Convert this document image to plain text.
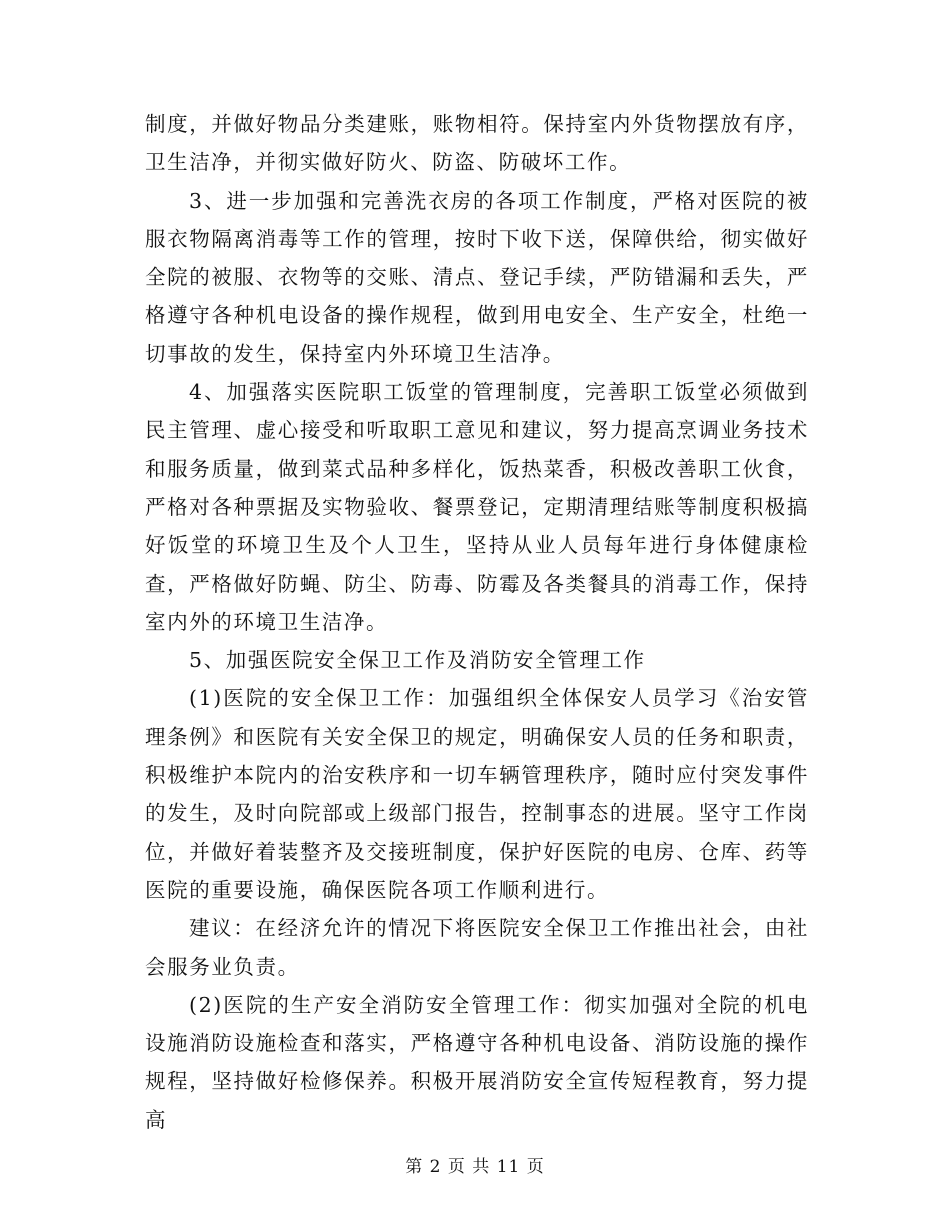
制度，并做好物品分类建账，账物相符。保持室内外货物摆放有序，卫生洁净，并彻实做好防火、防盗、防破坏工作。

3、进一步加强和完善洗衣房的各项工作制度，严格对医院的被服衣物隔离消毒等工作的管理，按时下收下送，保障供给，彻实做好全院的被服、衣物等的交账、清点、登记手续，严防错漏和丢失，严格遵守各种机电设备的操作规程，做到用电安全、生产安全，杜绝一切事故的发生，保持室内外环境卫生洁净。

4、加强落实医院职工饭堂的管理制度，完善职工饭堂必须做到民主管理、虚心接受和听取职工意见和建议，努力提高烹调业务技术和服务质量，做到菜式品种多样化，饭热菜香，积极改善职工伙食，严格对各种票据及实物验收、餐票登记，定期清理结账等制度积极搞好饭堂的环境卫生及个人卫生，坚持从业人员每年进行身体健康检查，严格做好防蝇、防尘、防毒、防霉及各类餐具的消毒工作，保持室内外的环境卫生洁净。

5、加强医院安全保卫工作及消防安全管理工作

(1)医院的安全保卫工作：加强组织全体保安人员学习《治安管理条例》和医院有关安全保卫的规定，明确保安人员的任务和职责，积极维护本院内的治安秩序和一切车辆管理秩序，随时应付突发事件的发生，及时向院部或上级部门报告，控制事态的进展。坚守工作岗位，并做好着装整齐及交接班制度，保护好医院的电房、仓库、药等医院的重要设施，确保医院各项工作顺利进行。

建议：在经济允许的情况下将医院安全保卫工作推出社会，由社会服务业负责。

(2)医院的生产安全消防安全管理工作：彻实加强对全院的机电设施消防设施检查和落实，严格遵守各种机电设备、消防设施的操作规程，坚持做好检修保养。积极开展消防安全宣传短程教育，努力提高

第 2 页 共 11 页
